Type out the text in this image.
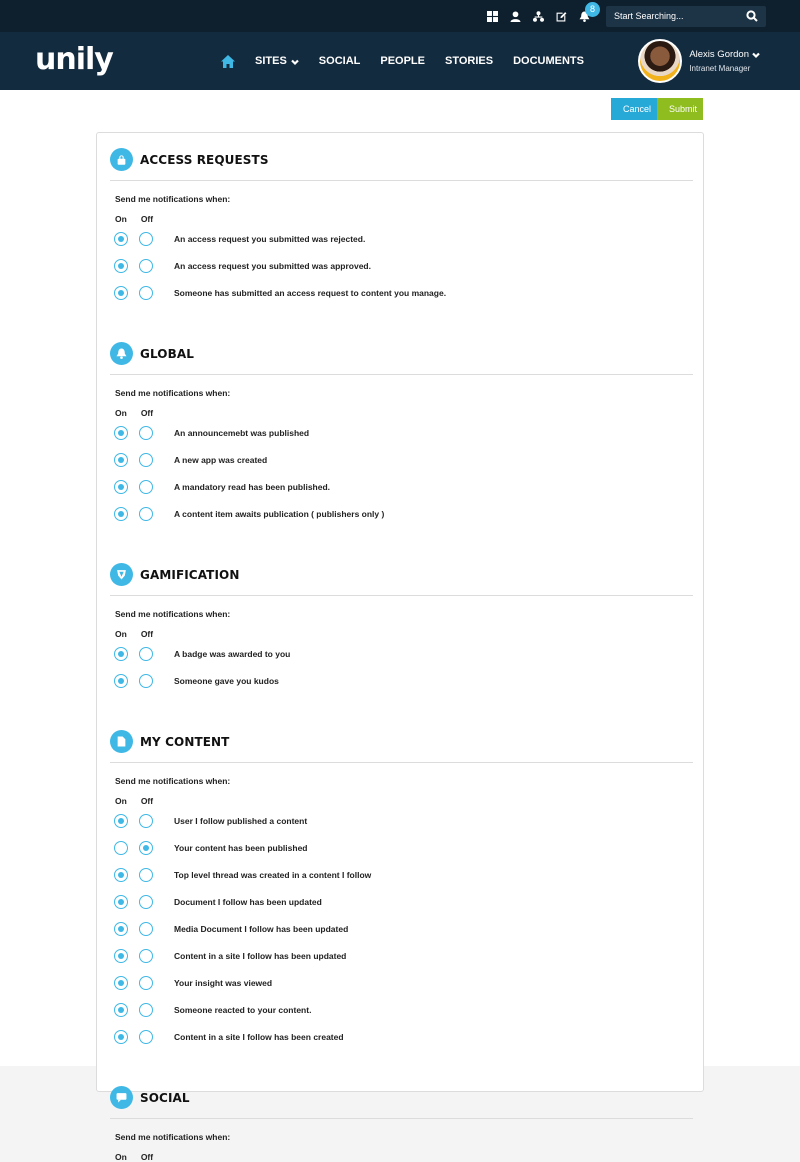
8
Start Searching...
unily	SITES	SOCIAL PEOPLE STORIES DOCUMENTS
Alexis Gordon
Intranet Manager
Cancel	Submit
ACCESS REQUESTS
Send me notifications when:
On Off
An access request you submitted was rejected.
An access request you submitted was approved.
Someone has submitted an access request to content you manage.
GLOBAL
Send me notifications when:
On Off
An announcemebt was published
A new app was created
A mandatory read has been published.
A content item awaits publication ( publishers only )
GAMIFICATION
Send me notifications when:
On Off
A badge was awarded to you
Someone gave you kudos
MY CONTENT
Send me notifications when:
On Off
User I follow published a content
Your content has been published
Top level thread was created in a content I follow
Document I follow has been updated
Media Document I follow has been updated
Content in a site I follow has been updated
Your insight was viewed
Someone reacted to your content.
Content in a site I follow has been created
SOCIAL
Send me notifications when:
On Off
